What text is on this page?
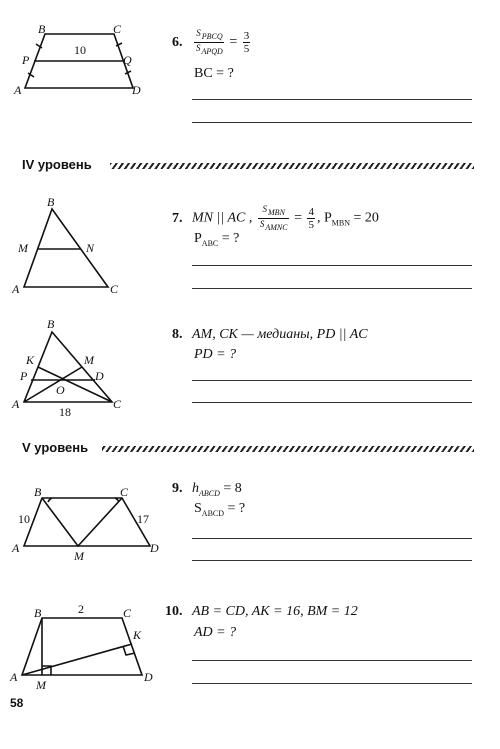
B	C
P	Q
A	D
10
6. $\frac{S_{PBCQ}}{S_{APQD}} = \frac{3}{5}$
BC = ?
IV уровень
B
M	N
A	C
7. MN || AC , $\frac{S_{MBN}}{S_{AMNC}} = \frac{4}{5}$ , $P_{MBN} = 20$
$P_{ABC}$ = ?
B
K	M
P	D
O
A	C
18
8. AM, CK — медианы, PD || AC
PD = ?
V уровень
B	C
10	17
A
M
D
9. $h_{ABCD} = 8$
$S_{ABCD}$ = ?
B	C
2
K
A
M
D
10. AB = CD, AK = 16, BM = 12
AD = ?
58
